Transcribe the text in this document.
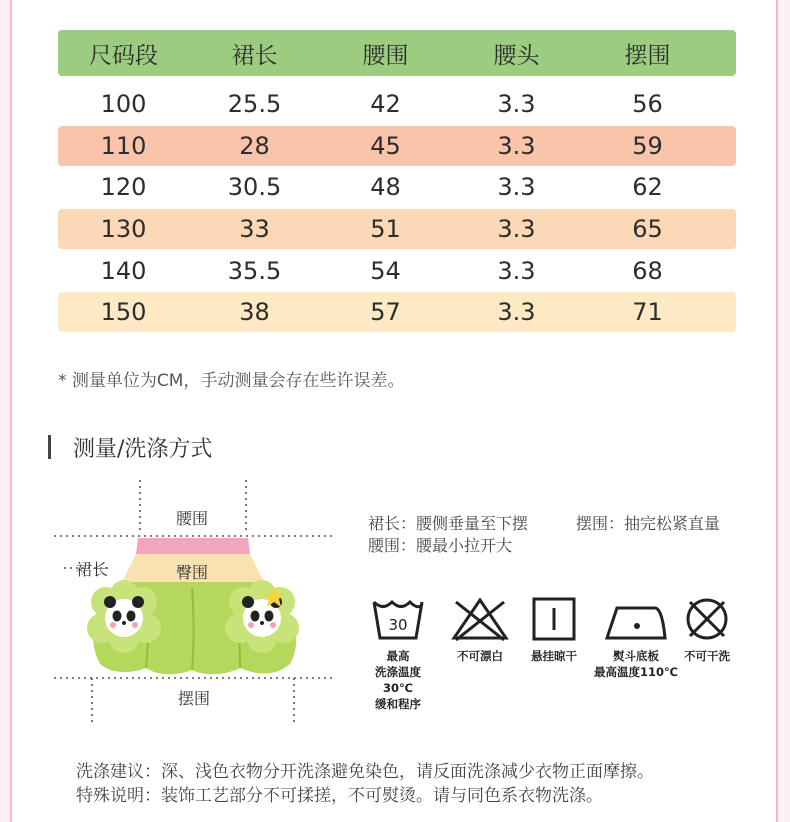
尺码段	裙长	腰围	腰头	摆围
100	25.5	42	3.3	56
110	28	45	3.3	59
120	30.5	48	3.3	62
130	33	51	3.3	65
140	35.5	54	3.3	68
150	38	57	3.3	71
* 测量单位为CM，手动测量会存在些许误差。
测量/洗涤方式
腰围
臀围
裙长
摆围
裙长：腰侧垂量至下摆	摆围：抽完松紧直量
腰围：腰最小拉开大
30
最高
洗涤温度30℃
缓和程序
不可漂白	悬挂晾干	熨斗底板
最高温度110℃
不可干洗
洗涤建议：深、浅色衣物分开洗涤避免染色，请反面洗涤减少衣物正面摩擦。
特殊说明：装饰工艺部分不可揉搓，不可熨烫。请与同色系衣物洗涤。
